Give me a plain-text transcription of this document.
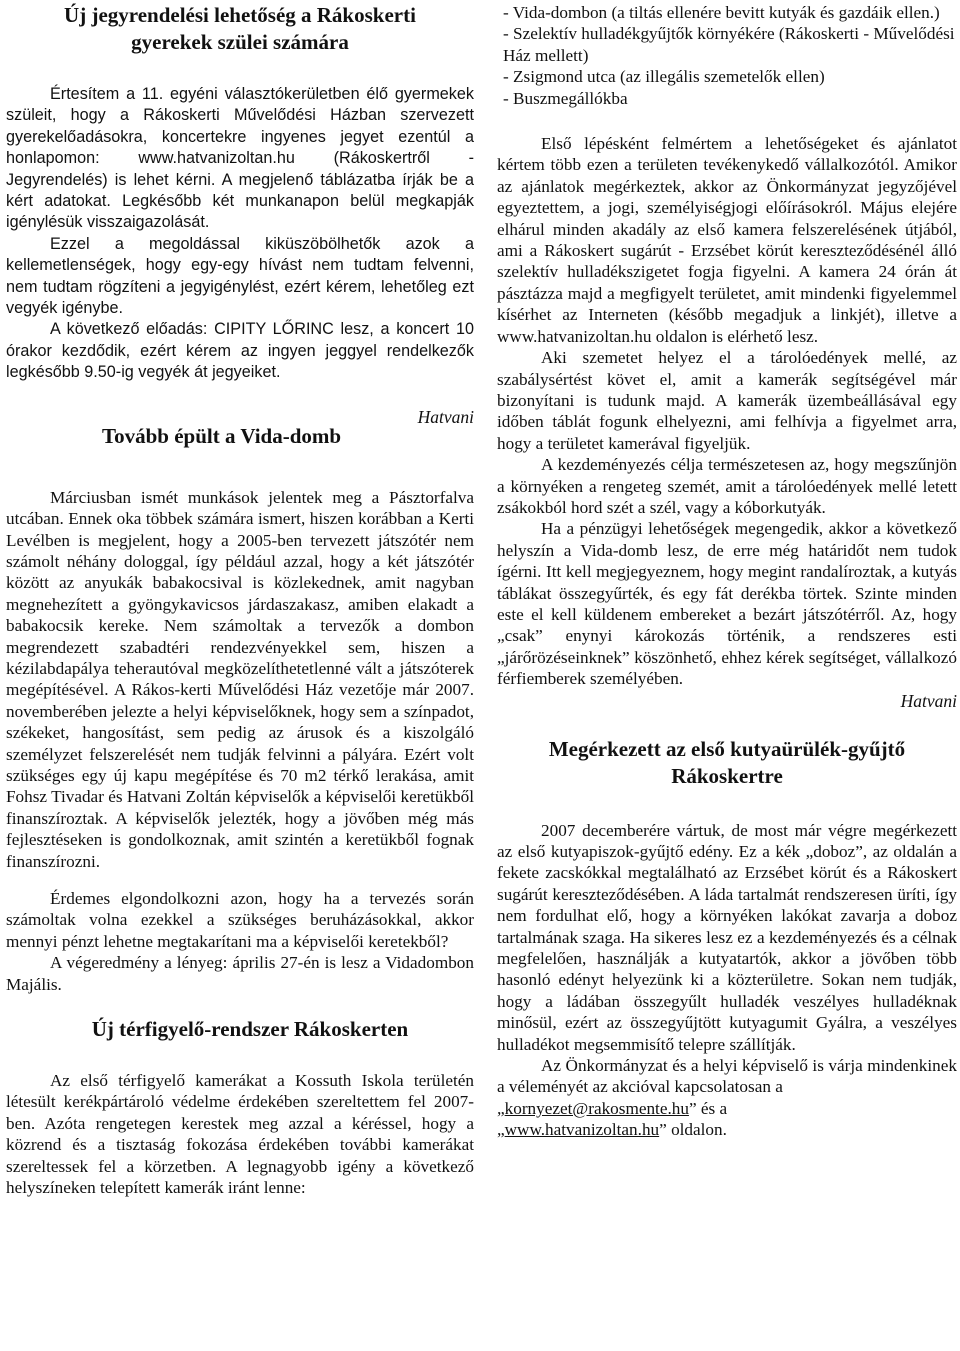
Új jegyrendelési lehetőség a Rákoskerti gyerekek szülei számára

Értesítem a 11. egyéni választókerületben élő gyermekek szüleit, hogy a Rákoskerti Művelődési Házban szervezett gyerekelőadásokra, koncertekre ingyenes jegyet ezentúl a honlapomon: www.hatvanizoltan.hu (Rákoskertről - Jegyrendelés) is lehet kérni. A megjelenő táblázatba írják be a kért adatokat. Legkésőbb két munkanapon belül megkapják igénylésük visszaigazolását.

Ezzel a megoldással kiküszöbölhetők azok a kellemetlenségek, hogy egy-egy hívást nem tudtam felvenni, nem tudtam rögzíteni a jegyigénylést, ezért kérem, lehetőleg ezt vegyék igénybe.

A következő előadás: CIPITY LŐRINC lesz, a koncert 10 órakor kezdődik, ezért kérem az ingyen jeggyel rendelkezők legkésőbb 9.50-ig vegyék át jegyeiket.

Hatvani
Tovább épült a Vida-domb

Márciusban ismét munkások jelentek meg a Pásztorfalva utcában. Ennek oka többek számára ismert, hiszen korábban a Kerti Levélben is megjelent, hogy a 2005-ben tervezett játszótér nem számolt néhány dologgal, így például azzal, hogy a két játszótér között az anyukák babakocsival is közlekednek, amit nagyban megnehezített a gyöngykavicsos járdaszakasz, amiben elakadt a babakocsik kereke. Nem számoltak a tervezők a dombon megrendezett szabadtéri rendezvényekkel sem, hiszen a kézilabdapálya teherautóval megközelíthetetlenné vált a játszóterek megépítésével. A Rákos-kerti Művelődési Ház vezetője már 2007. novemberében jelezte a helyi képviselőknek, hogy sem a színpadot, székeket, hangosítást, sem pedig az árusok és a kiszolgáló személyzet felszerelését nem tudják felvinni a pályára. Ezért volt szükséges egy új kapu megépítése és 70 m2 térkő lerakása, amit Fohsz Tivadar és Hatvani Zoltán képviselők a képviselői keretükből finanszíroztak. A képviselők jelezték, hogy a jövőben még más fejlesztéseken is gondolkoznak, amit szintén a keretükből fognak finanszírozni.

Érdemes elgondolkozni azon, hogy ha a tervezés során számoltak volna ezekkel a szükséges beruházásokkal, akkor mennyi pénzt lehetne megtakarítani ma a képviselői keretekből?

A végeredmény a lényeg: április 27-én is lesz a Vidadombon Majális.

Új térfigyelő-rendszer Rákoskerten

Az első térfigyelő kamerákat a Kossuth Iskola területén létesült kerékpártároló védelme érdekében szereltettem fel 2007-ben. Azóta rengetegen kerestek meg azzal a kéréssel, hogy a közrend és a tisztaság fokozása érdekében további kamerákat szereltessek fel a körzetben. A legnagyobb igény a következő helyszíneken telepített kamerák iránt lenne:

- Vida-dombon (a tiltás ellenére bevitt kutyák és gazdáik ellen.)
- Szelektív hulladékgyűjtők környékére (Rákoskerti - Művelődési Ház mellett)
- Zsigmond utca (az illegális szemetelők ellen)
- Buszmegállókba

Első lépésként felmértem a lehetőségeket és ajánlatot kértem több ezen a területen tevékenykedő vállalkozótól. Amikor az ajánlatok megérkeztek, akkor az Önkormányzat jegyzőjével egyeztettem, a jogi, személyiségjogi előírásokról. Május elejére elhárul minden akadály az első kamera felszerelésének útjából, ami a Rákoskert sugárút - Erzsébet körút kereszteződésénél álló szelektív hulladékszigetet fogja figyelni. A kamera 24 órán át pásztázza majd a megfigyelt területet, amit mindenki figyelemmel kísérhet az Interneten (később megadjuk a linkjét), illetve a www.hatvanizoltan.hu oldalon is elérhető lesz.

Aki szemetet helyez el a tárolóedények mellé, az szabálysértést követ el, amit a kamerák segítségével már bizonyítani is tudunk majd. A kamerák üzembeállásával egy időben táblát fogunk elhelyezni, ami felhívja a figyelmet arra, hogy a területet kamerával figyeljük.

A kezdeményezés célja természetesen az, hogy megszűnjön a környéken a rengeteg szemét, amit a tárolóedények mellé letett zsákokból hord szét a szél, vagy a kóborkutyák.

Ha a pénzügyi lehetőségek megengedik, akkor a következő helyszín a Vida-domb lesz, de erre még határidőt nem tudok ígérni. Itt kell megjegyeznem, hogy megint randalíroztak, a kutyás táblákat összegyűrték, és egy fát derékba törtek. Szinte minden este el kell küldenem embereket a bezárt játszótérről. Az, hogy „csak” enynyi károkozás történik, a rendszeres esti „járőrözéseinknek” köszönhető, ehhez kérek segítséget, vállalkozó férfiemberek személyében.

Hatvani
Megérkezett az első kutyaürülék-gyűjtő Rákoskertre

2007 decemberére vártuk, de most már végre megérkezett az első kutyapiszok-gyűjtő edény. Ez a kék „doboz”, az oldalán a fekete zacskókkal megtalálható az Erzsébet körút és a Rákoskert sugárút kereszteződésében. A láda tartalmát rendszeresen üríti, így nem fordulhat elő, hogy a környéken lakókat zavarja a doboz tartalmának szaga. Ha sikeres lesz ez a kezdeményezés és a célnak megfelelően, használják a kutyatartók, akkor a jövőben több hasonló edényt helyezünk ki a közterületre. Sokan nem tudják, hogy a ládában összegyűlt hulladék veszélyes hulladéknak minősül, ezért az összegyűjtött kutyagumit Gyálra, a veszélyes hulladékot megsemmisítő telepre szállítják.

Az Önkormányzat és a helyi képviselő is várja mindenkinek a véleményét az akcióval kapcsolatosan a

„kornyezet@rakosmente.hu” és a

„www.hatvanizoltan.hu” oldalon.
